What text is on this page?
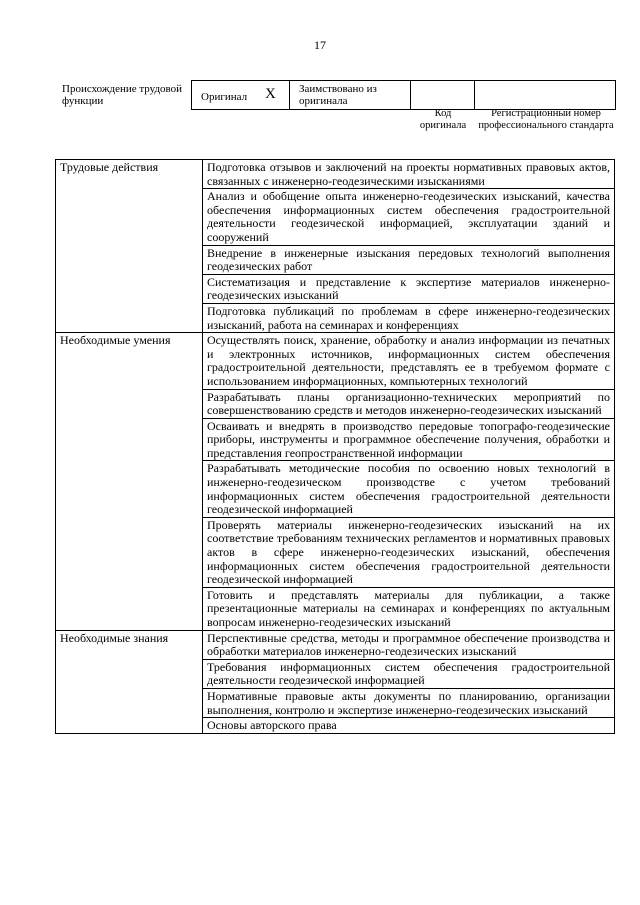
17
Происхождение трудовой функции	Оригинал X	Заимствовано из оригинала
Код оригинала
Регистрационный номер профессионального стандарта
Трудовые действия	Подготовка отзывов и заключений на проекты нормативных правовых актов, связанных с инженерно-геодезическими изысканиями
	Анализ и обобщение опыта инженерно-геодезических изысканий, качества обеспечения информационных систем обеспечения градостроительной деятельности геодезической информацией, эксплуатации зданий и сооружений
	Внедрение в инженерные изыскания передовых технологий выполнения геодезических работ
	Систематизация и представление к экспертизе материалов инженерно-геодезических изысканий
	Подготовка публикаций по проблемам в сфере инженерно-геодезических изысканий, работа на семинарах и конференциях
Необходимые умения	Осуществлять поиск, хранение, обработку и анализ информации из печатных и электронных источников, информационных систем обеспечения градостроительной деятельности, представлять ее в требуемом формате с использованием информационных, компьютерных технологий
	Разрабатывать планы организационно-технических мероприятий по совершенствованию средств и методов инженерно-геодезических изысканий
	Осваивать и внедрять в производство передовые топографо-геодезические приборы, инструменты и программное обеспечение получения, обработки и представления геопространственной информации
	Разрабатывать методические пособия по освоению новых технологий в инженерно-геодезическом производстве с учетом требований информационных систем обеспечения градостроительной деятельности геодезической информацией
	Проверять материалы инженерно-геодезических изысканий на их соответствие требованиям технических регламентов и нормативных правовых актов в сфере инженерно-геодезических изысканий, обеспечения информационных систем обеспечения градостроительной деятельности геодезической информацией
	Готовить и представлять материалы для публикации, а также презентационные материалы на семинарах и конференциях по актуальным вопросам инженерно-геодезических изысканий
Необходимые знания	Перспективные средства, методы и программное обеспечение производства и обработки материалов инженерно-геодезических изысканий
	Требования информационных систем обеспечения градостроительной деятельности геодезической информацией
	Нормативные правовые акты документы по планированию, организации выполнения, контролю и экспертизе инженерно-геодезических изысканий
	Основы авторского права
